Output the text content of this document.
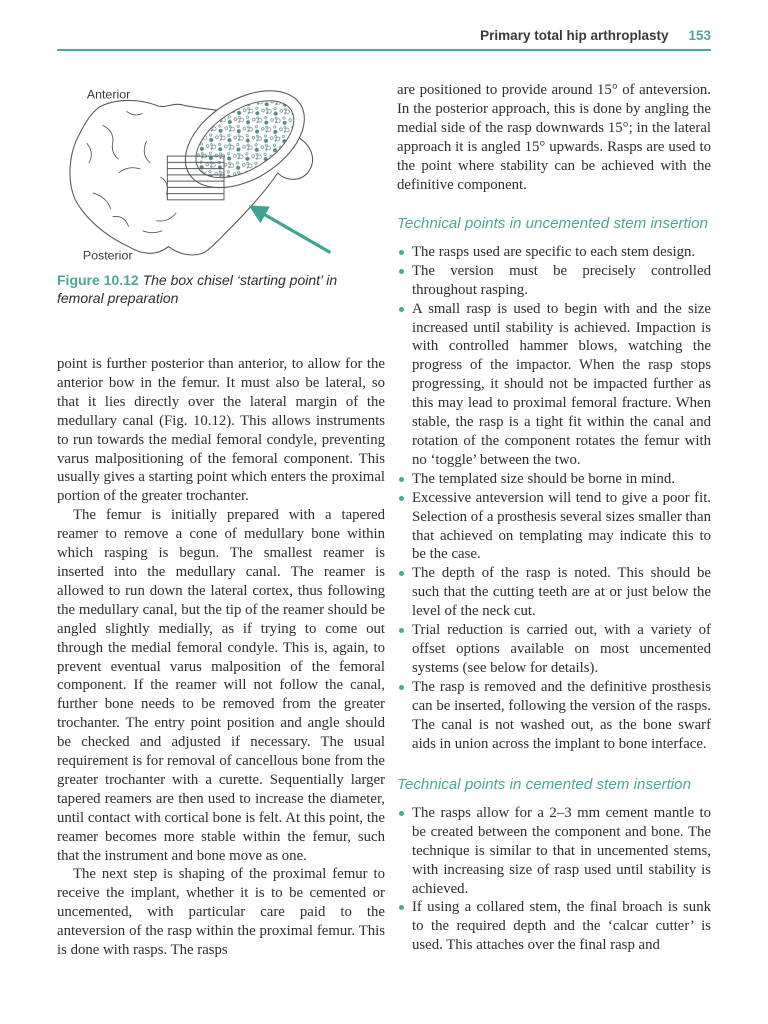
Primary total hip arthroplasty 153
Anterior
Posterior
Figure 10.12 The box chisel ‘starting point’ in femoral preparation

point is further posterior than anterior, to allow for the anterior bow in the femur. It must also be lateral, so that it lies directly over the lateral margin of the medullary canal (Fig. 10.12). This allows instruments to run towards the medial femoral condyle, preventing varus malpositioning of the femoral component. This usually gives a starting point which enters the proximal portion of the greater trochanter.

The femur is initially prepared with a tapered reamer to remove a cone of medullary bone within which rasping is begun. The smallest reamer is inserted into the medullary canal. The reamer is allowed to run down the lateral cortex, thus following the medullary canal, but the tip of the reamer should be angled slightly medially, as if trying to come out through the medial femoral condyle. This is, again, to prevent eventual varus malposition of the femoral component. If the reamer will not follow the canal, further bone needs to be removed from the greater trochanter. The entry point position and angle should be checked and adjusted if necessary. The usual requirement is for removal of cancellous bone from the greater trochanter with a curette. Sequentially larger tapered reamers are then used to increase the diameter, until contact with cortical bone is felt. At this point, the reamer becomes more stable within the femur, such that the instrument and bone move as one.

The next step is shaping of the proximal femur to receive the implant, whether it is to be cemented or uncemented, with particular care paid to the anteversion of the rasp within the proximal femur. This is done with rasps. The rasps

are positioned to provide around 15° of anteversion. In the posterior approach, this is done by angling the medial side of the rasp downwards 15°; in the lateral approach it is angled 15° upwards. Rasps are used to the point where stability can be achieved with the definitive component.

Technical points in uncemented stem insertion
The rasps used are specific to each stem design.
The version must be precisely controlled throughout rasping.
A small rasp is used to begin with and the size increased until stability is achieved. Impaction is with controlled hammer blows, watching the progress of the impactor. When the rasp stops progressing, it should not be impacted further as this may lead to proximal femoral fracture. When stable, the rasp is a tight fit within the canal and rotation of the component rotates the femur with no ‘toggle’ between the two.
The templated size should be borne in mind.
Excessive anteversion will tend to give a poor fit. Selection of a prosthesis several sizes smaller than that achieved on templating may indicate this to be the case.
The depth of the rasp is noted. This should be such that the cutting teeth are at or just below the level of the neck cut.
Trial reduction is carried out, with a variety of offset options available on most uncemented systems (see below for details).
The rasp is removed and the definitive prosthesis can be inserted, following the version of the rasps. The canal is not washed out, as the bone swarf aids in union across the implant to bone interface.
Technical points in cemented stem insertion
The rasps allow for a 2–3 mm cement mantle to be created between the component and bone. The technique is similar to that in uncemented stems, with increasing size of rasp used until stability is achieved.
If using a collared stem, the final broach is sunk to the required depth and the ‘calcar cutter’ is used. This attaches over the final rasp and
